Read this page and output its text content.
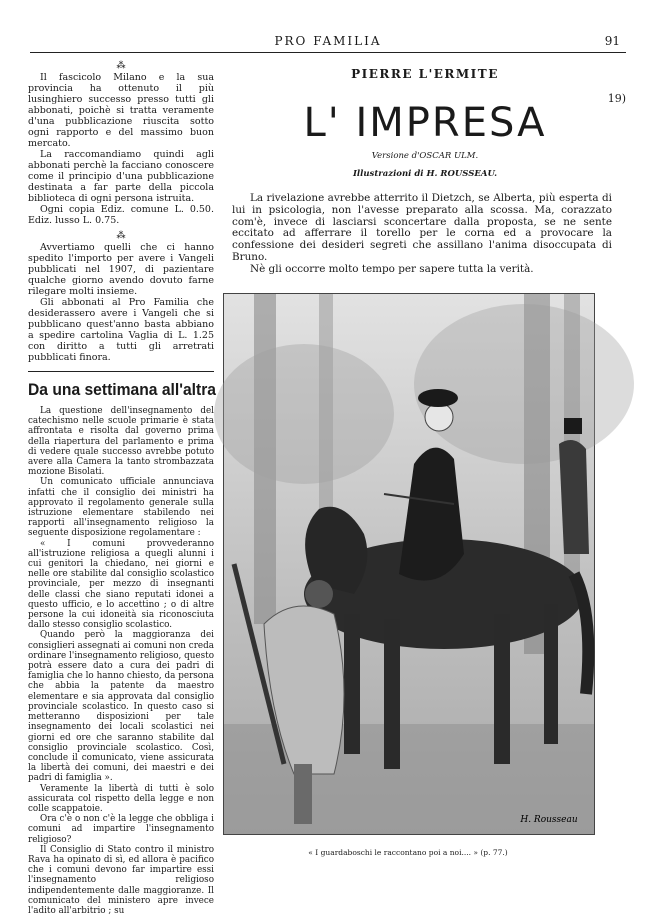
PRO FAMILIA	91
⁂

Il fascicolo Milano e la sua provincia ha ottenuto il più lusinghiero successo presso tutti gli abbonati, poichè si tratta veramente d'una pubblicazione riuscita sotto ogni rapporto e del massimo buon mercato.

La raccomandiamo quindi agli abbonati perchè la facciano conoscere come il principio d'una pubblicazione destinata a far parte della piccola biblioteca di ogni persona istruita.

Ogni copia Ediz. comune L. 0.50. Ediz. lusso L. 0.75.

⁂

Avvertiamo quelli che ci hanno spedito l'importo per avere i Vangeli pubblicati nel 1907, di pazientare qualche giorno avendo dovuto farne rilegare molti insieme.

Gli abbonati al Pro Familia che desiderassero avere i Vangeli che si pubblicano quest'anno basta abbiano a spedire cartolina Vaglia di L. 1.25 con diritto a tutti gli arretrati pubblicati finora.

Da una settimana all'altra

La questione dell'insegnamento del catechismo nelle scuole primarie è stata affrontata e risolta dal governo prima della riapertura del parlamento e prima di vedere quale successo avrebbe potuto avere alla Camera la tanto strombazzata mozione Bisolati.

Un comunicato ufficiale annunciava infatti che il consiglio dei ministri ha approvato il regolamento generale sulla istruzione elementare stabilendo nei rapporti all'insegnamento religioso la seguente disposizione regolamentare :

« I comuni provvederanno all'istruzione religiosa a quegli alunni i cui genitori la chiedano, nei giorni e nelle ore stabilite dal consiglio scolastico provinciale, per mezzo di insegnanti delle classi che siano reputati idonei a questo ufficio, e lo accettino ; o di altre persone la cui idoneità sia riconosciuta dallo stesso consiglio scolastico.

Quando però la maggioranza dei consiglieri assegnati ai comuni non creda ordinare l'insegnamento religioso, questo potrà essere dato a cura dei padri di famiglia che lo hanno chiesto, da persona che abbia la patente da maestro elementare e sia approvata dal consiglio provinciale scolastico. In questo caso si metteranno disposizioni per tale insegnamento dei locali scolastici nei giorni ed ore che saranno stabilite dal consiglio provinciale scolastico. Così, conclude il comunicato, viene assicurata la libertà dei comuni, dei maestri e dei padri di famiglia ».

Veramente la libertà di tutti è solo assicurata col rispetto della legge e non colle scappatoie.

Ora c'è o non c'è la legge che obbliga i comuni ad impartire l'insegnamento religioso?

Il Consiglio di Stato contro il ministro Rava ha opinato di sì, ed allora è pacifico che i comuni devono far impartire essi l'insegnamento religioso indipendentemente dalle maggioranze. Il comunicato del ministero apre invece l'adito all'arbitrio ; su

PIERRE L'ERMITE
19)
L' IMPRESA
Versione d'OSCAR ULM.
Illustrazioni di H. ROUSSEAU.

La rivelazione avrebbe atterrito il Dietzch, se Alberta, più esperta di lui in psicologia, non l'avesse preparato alla scossa. Ma, corazzato com'è, invece di lasciarsi sconcertare dalla proposta, se ne sente eccitato ad afferrare il torello per le corna ed a provocare la confessione dei desideri segreti che assillano l'anima disoccupata di Bruno.

Nè gli occorre molto tempo per sapere tutta la verità.

H. Rousseau
« I guardaboschi le raccontano poi a noi.... » (p. 77.)
